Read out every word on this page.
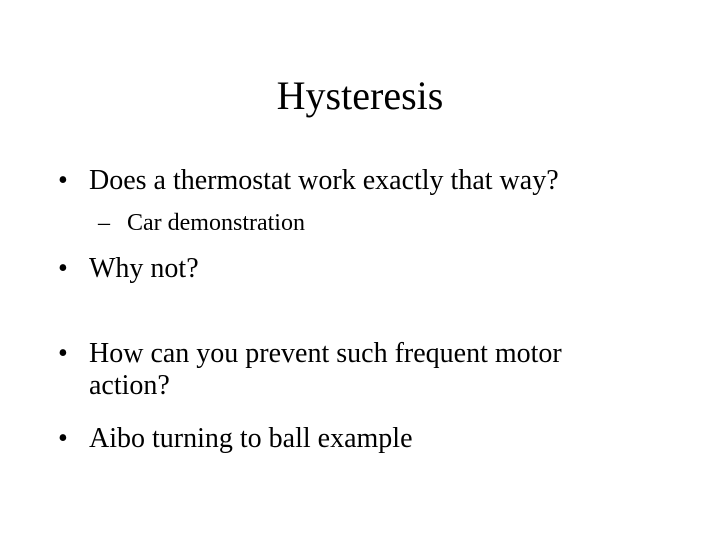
Hysteresis
• Does a thermostat work exactly that way?
– Car demonstration
• Why not?
• How can you prevent such frequent motor action?
• Aibo turning to ball example
